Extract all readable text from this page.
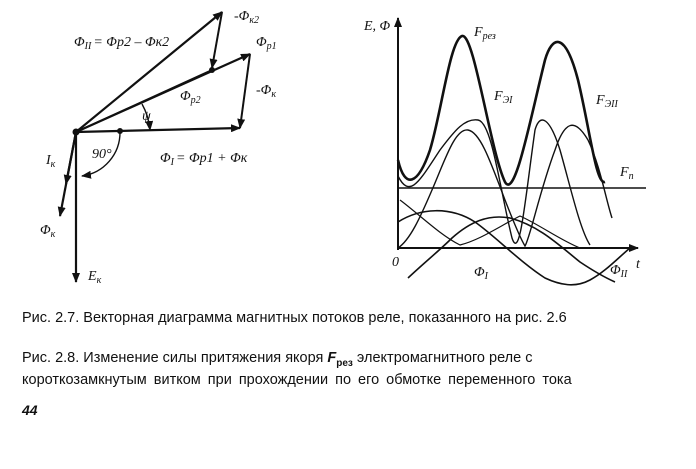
$-\Phi_{к2}$
$\Phi_{р1}$
$\Phi_{II} = \Phi р2 - \Phi к2$
ψ
$\Phi_{р2}$
$-\Phi_к$
90°	$\Phi_I = \Phi р1 + \Phi к$
$I_к$
$\Phi_к$
$E_к$
E, Φ
t
0
$F_{рез}$
$F_{ЭI}$	$F_{ЭII}$
$F_п$
$\Phi_I$	$\Phi_{II}$
Рис. 2.7. Векторная диаграмма магнитных потоков реле, показанного на рис. 2.6
Рис. 2.8. Изменение силы притяжения якоря $F_{рез}$ электромагнитного реле с
короткозамкнутым витком при прохождении по его обмотке переменного тока
44
